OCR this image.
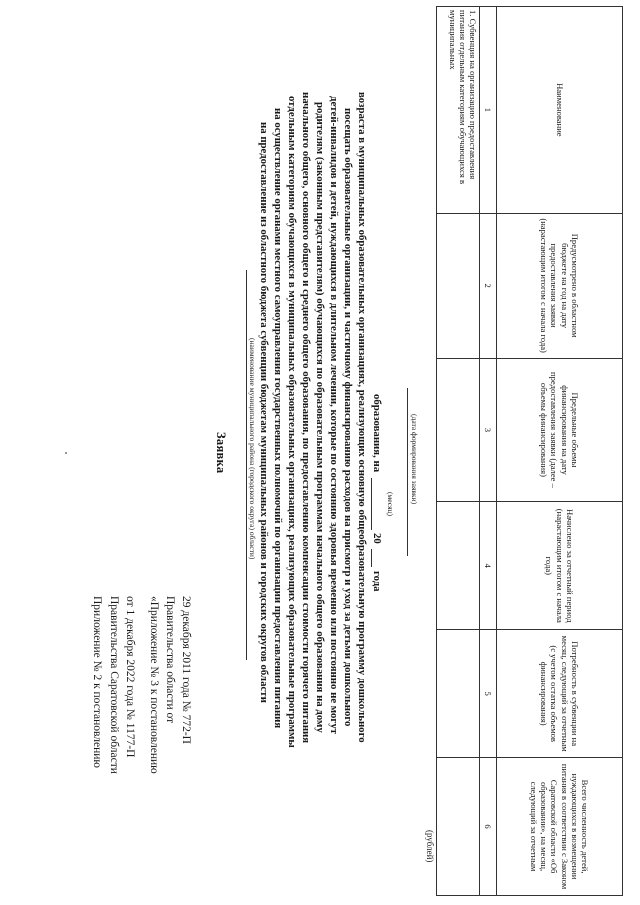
Приложение № 2 к постановлению Правительства Саратовской области от 1 декабря 2022 года № 1177-П «Приложение № 3 к постановлению Правительства области от 29 декабря 2011 года № 772-П
Заявка	(наименование муниципального района (городского округа) области) на предоставление из областного бюджета субвенции бюджетам муниципальных районов и городских округов области на осуществление органами местного самоуправления государственных полномочий по организации предоставления питания отдельным категориям обучающихся в муниципальных образовательных организациях, реализующих образовательные программы начального общего, основного общего и среднего общего образования, по предоставлению компенсации стоимости горячего питания родителям (законным представителям) обучающихся по образовательным программам начального общего образования на дому детей-инвалидов и детей, нуждающихся в длительном лечении, которые по состоянию здоровья временно или постоянно не могут посещать образовательные организации, и частичному финансированию расходов на присмотр и уход за детьми дошкольного возраста в муниципальных образовательных организациях, реализующих основную общеобразовательную программу дошкольного образования, на
20
года
(месяц) (дата формирования заявки)
(рублей)
Наименование	Предусмотрено в областном бюджете на год на дату предоставления заявки (нарастающим итогом с начала года)	Предельные объемы финансирования на дату предоставления заявки (далее – объемы финансирования)	Начислено за отчетный период (нарастающим итогом с начала года)	Потребность в субвенции на месяц, следующий за отчетным (с учетом остатка объемов финансирования)	Всего численность детей, нуждающихся в возмещении питания в соответствии с Законом Саратовской области «Об образовании», на месяц, следующий за отчетным
1	2	3	4	5	6
1. Субвенция на организацию предоставления питания отдельным категориям обучающихся в муниципальных					
